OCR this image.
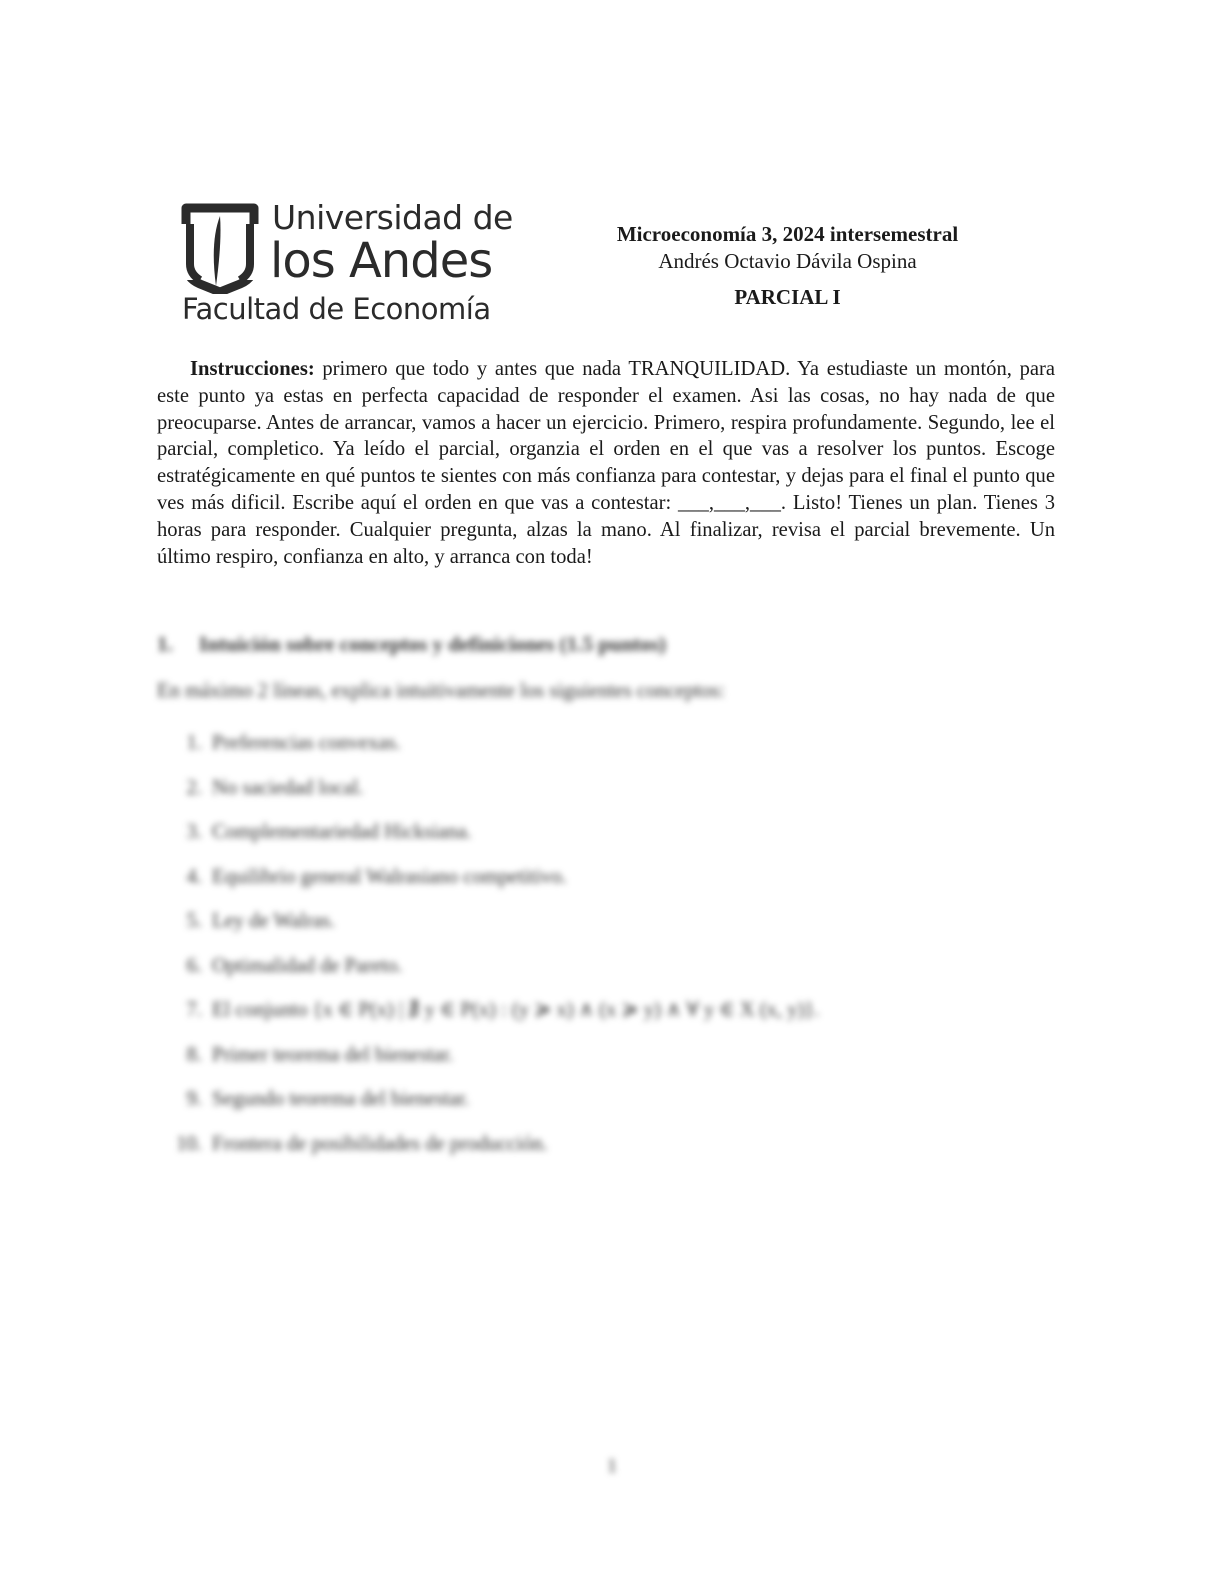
Universidad de
los Andes
Facultad de Economía
Microeconomía 3, 2024 intersemestral
Andrés Octavio Dávila Ospina
PARCIAL I
Instrucciones: primero que todo y antes que nada TRANQUILIDAD. Ya estudiaste un montón, para este punto ya estas en perfecta capacidad de responder el examen. Asi las cosas, no hay nada de que preocuparse. Antes de arrancar, vamos a hacer un ejercicio. Primero, respira profundamente. Segundo, lee el parcial, completico. Ya leído el parcial, organzia el orden en el que vas a resolver los puntos. Escoge estratégicamente en qué puntos te sientes con más confianza para contestar, y dejas para el final el punto que ves más dificil. Escribe aquí el orden en que vas a contestar: ___,___,___. Listo! Tienes un plan. Tienes 3 horas para responder. Cualquier pregunta, alzas la mano. Al finalizar, revisa el parcial brevemente. Un último respiro, confianza en alto, y arranca con toda!
1. Intuición sobre conceptos y definiciones (1.5 puntos)
En máximo 2 líneas, explica intuitivamente los siguientes conceptos:
1. Preferencias convexas.
2. No saciedad local.
3. Complementariedad Hicksiana.
4. Equilibrio general Walrasiano competitivo.
5. Ley de Walras.
6. Optimalidad de Pareto.
7. El conjunto {x ∈ P(x) | ∄ y ∈ P(x) : (y ≽ x) ∧ (x ≽ y) ∧ ∀ y ∈ X (x, y)}.
8. Primer teorema del bienestar.
9. Segundo teorema del bienestar.
10. Frontera de posibilidades de producción.
1
